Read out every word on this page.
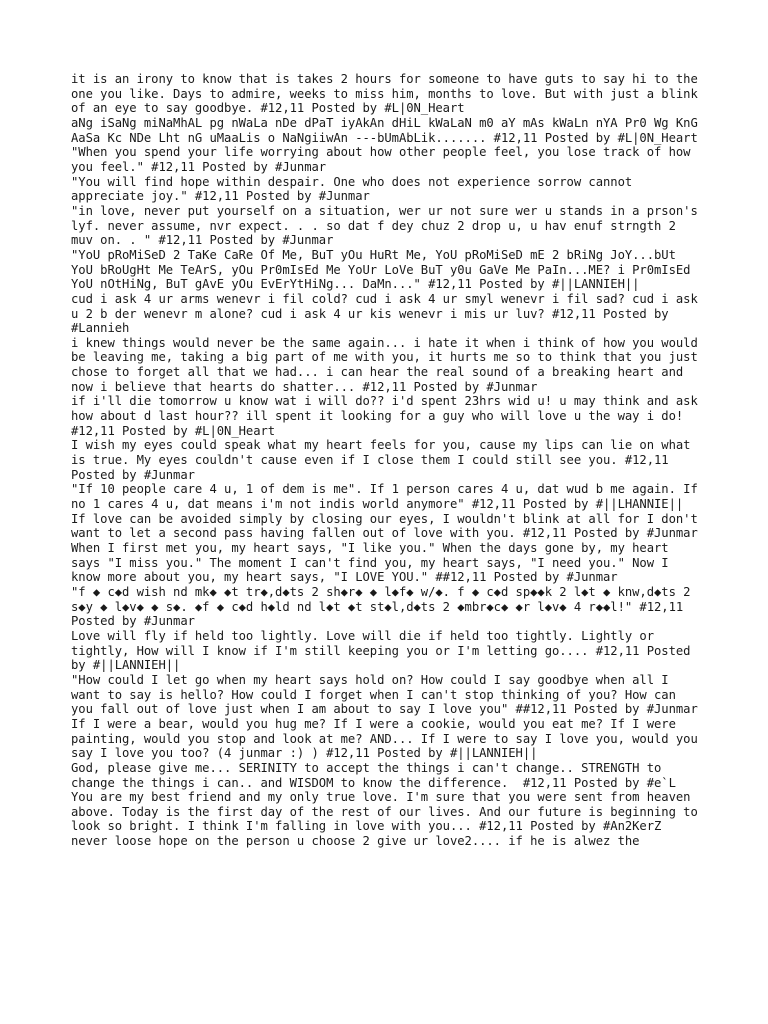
it is an irony to know that is takes 2 hours for someone to have guts to say hi to the one you like. Days to admire, weeks to miss him, months to love. But with just a blink of an eye to say goodbye. #12,11 Posted by #L|0N_Heart

aNg iSaNg miNaMhAL pg nWaLa nDe dPaT iyAkAn dHiL kWaLaN m0 aY mAs kWaLn nYA Pr0 Wg KnG AaSa Kc NDe Lht nG uMaaLis o NaNgiiwAn ---bUmAbLik....... #12,11 Posted by #L|0N_Heart

"When you spend your life worrying about how other people feel, you lose track of how you feel." #12,11 Posted by #Junmar

"You will find hope within despair. One who does not experience sorrow cannot appreciate joy." #12,11 Posted by #Junmar

"in love, never put yourself on a situation, wer ur not sure wer u stands in a prson's lyf. never assume, nvr expect. . . so dat f dey chuz 2 drop u, u hav enuf strngth 2 muv on. . " #12,11 Posted by #Junmar

"YoU pRoMiSeD 2 TaKe CaRe Of Me, BuT yOu HuRt Me, YoU pRoMiSeD mE 2 bRiNg JoY...bUt YoU bRoUgHt Me TeArS, yOu Pr0mIsEd Me YoUr LoVe BuT y0u GaVe Me PaIn...ME? i Pr0mIsEd YoU nOtHiNg, BuT gAvE yOu EvErYtHiNg... DaMn..." #12,11 Posted by #||LANNIEH||

cud i ask 4 ur arms wenevr i fil cold? cud i ask 4 ur smyl wenevr i fil sad? cud i ask u 2 b der wenevr m alone? cud i ask 4 ur kis wenevr i mis ur luv? #12,11 Posted by #Lannieh

i knew things would never be the same again... i hate it when i think of how you would be leaving me, taking a big part of me with you, it hurts me so to think that you just chose to forget all that we had... i can hear the real sound of a breaking heart and now i believe that hearts do shatter... #12,11 Posted by #Junmar

if i'll die tomorrow u know wat i will do?? i'd spent 23hrs wid u! u may think and ask how about d last hour?? ill spent it looking for a guy who will love u the way i do! #12,11 Posted by #L|0N_Heart

I wish my eyes could speak what my heart feels for you, cause my lips can lie on what is true. My eyes couldn't cause even if I close them I could still see you. #12,11 Posted by #Junmar

"If 10 people care 4 u, 1 of dem is me". If 1 person cares 4 u, dat wud b me again. If no 1 cares 4 u, dat means i'm not indis world anymore" #12,11 Posted by #||LHANNIE||

If love can be avoided simply by closing our eyes, I wouldn't blink at all for I don't want to let a second pass having fallen out of love with you. #12,11 Posted by #Junmar

When I first met you, my heart says, "I like you." When the days gone by, my heart says "I miss you." The moment I can't find you, my heart says, "I need you." Now I know more about you, my heart says, "I LOVE YOU." ##12,11 Posted by #Junmar

"f ◆ c◆d wish nd mk◆ ◆t tr◆,d◆ts 2 sh◆r◆ ◆ l◆f◆ w/◆. f ◆ c◆d sp◆◆k 2 l◆t ◆ knw,d◆ts 2 s◆y ◆ l◆v◆ ◆ s◆. ◆f ◆ c◆d h◆ld nd l◆t ◆t st◆l,d◆ts 2 ◆mbr◆c◆ ◆r l◆v◆ 4 r◆◆l!" #12,11 Posted by #Junmar

Love will fly if held too lightly. Love will die if held too tightly. Lightly or tightly, How will I know if I'm still keeping you or I'm letting go.... #12,11 Posted by #||LANNIEH||

"How could I let go when my heart says hold on? How could I say goodbye when all I want to say is hello? How could I forget when I can't stop thinking of you? How can you fall out of love just when I am about to say I love you" ##12,11 Posted by #Junmar

If I were a bear, would you hug me? If I were a cookie, would you eat me? If I were painting, would you stop and look at me? AND... If I were to say I love you, would you say I love you too? (4 junmar :) ) #12,11 Posted by #||LANNIEH||

God, please give me... SERINITY to accept the things i can't change.. STRENGTH to change the things i can.. and WISDOM to know the difference.  #12,11 Posted by #e`L

You are my best friend and my only true love. I'm sure that you were sent from heaven above. Today is the first day of the rest of our lives. And our future is beginning to look so bright. I think I'm falling in love with you... #12,11 Posted by #An2KerZ

never loose hope on the person u choose 2 give ur love2.... if he is alwez the
